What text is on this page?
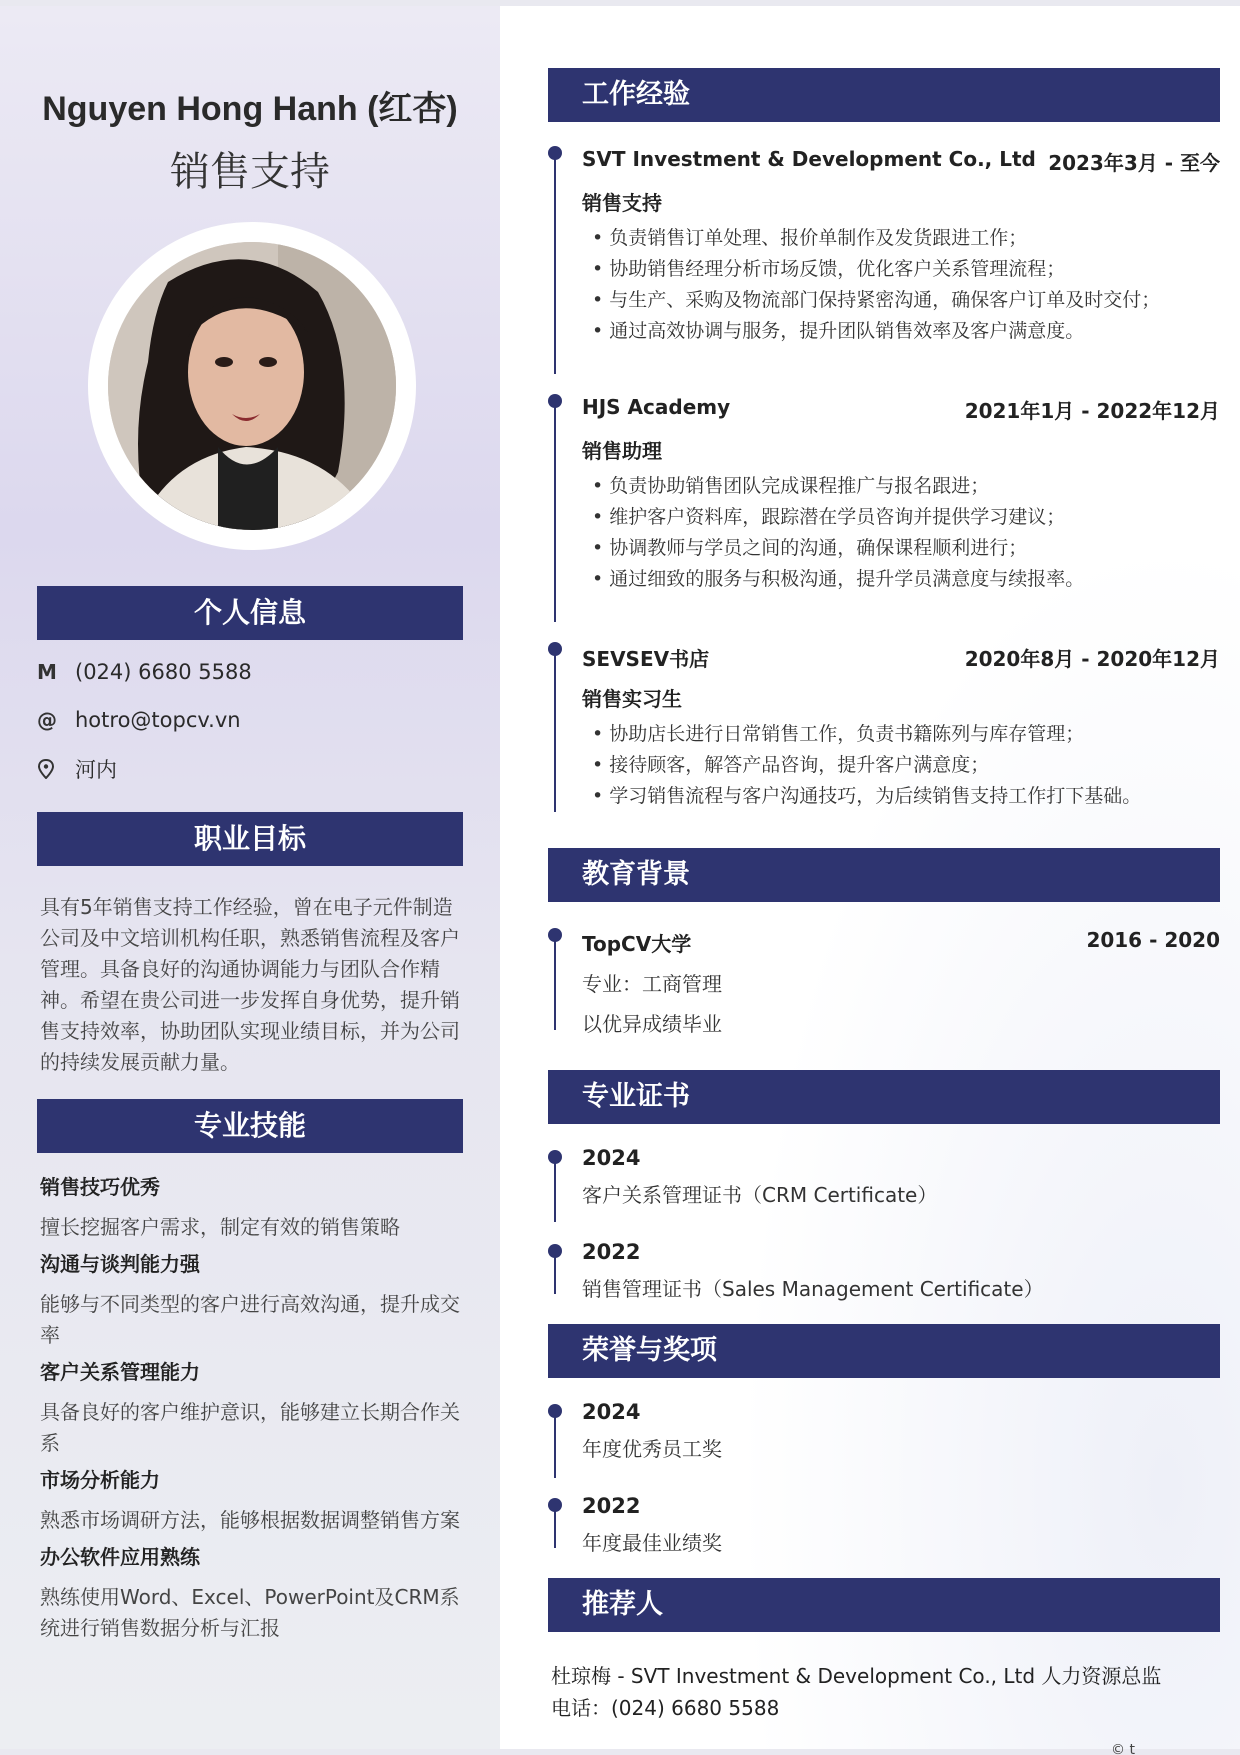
Nguyen Hong Hanh (红杏)
销售支持
个人信息
M (024) 6680 5588
@ hotro@topcv.vn
河内
职业目标
具有5年销售支持工作经验，曾在电子元件制造公司及中文培训机构任职，熟悉销售流程及客户管理。具备良好的沟通协调能力与团队合作精神。希望在贵公司进一步发挥自身优势，提升销售支持效率，协助团队实现业绩目标，并为公司的持续发展贡献力量。
专业技能
销售技巧优秀
擅长挖掘客户需求，制定有效的销售策略
沟通与谈判能力强
能够与不同类型的客户进行高效沟通，提升成交率
客户关系管理能力
具备良好的客户维护意识，能够建立长期合作关系
市场分析能力
熟悉市场调研方法，能够根据数据调整销售方案
办公软件应用熟练
熟练使用Word、Excel、PowerPoint及CRM系统进行销售数据分析与汇报
工作经验
SVT Investment & Development Co., Ltd 2023年3月 - 至今
销售支持
• 负责销售订单处理、报价单制作及发货跟进工作；
• 协助销售经理分析市场反馈，优化客户关系管理流程；
• 与生产、采购及物流部门保持紧密沟通，确保客户订单及时交付；
• 通过高效协调与服务，提升团队销售效率及客户满意度。
HJS Academy	2021年1月 - 2022年12月
销售助理
• 负责协助销售团队完成课程推广与报名跟进；
• 维护客户资料库，跟踪潜在学员咨询并提供学习建议；
• 协调教师与学员之间的沟通，确保课程顺利进行；
• 通过细致的服务与积极沟通，提升学员满意度与续报率。
SEVSEV书店	2020年8月 - 2020年12月
销售实习生
• 协助店长进行日常销售工作，负责书籍陈列与库存管理；
• 接待顾客，解答产品咨询，提升客户满意度；
• 学习销售流程与客户沟通技巧，为后续销售支持工作打下基础。
教育背景
TopCV大学	2016 - 2020
专业：工商管理
以优异成绩毕业
专业证书
2024
客户关系管理证书（CRM Certificate）
2022
销售管理证书（Sales Management Certificate）
荣誉与奖项
2024
年度优秀员工奖
2022
年度最佳业绩奖
推荐人
杜琼梅 - SVT Investment & Development Co., Ltd 人力资源总监
电话：(024) 6680 5588
© t
